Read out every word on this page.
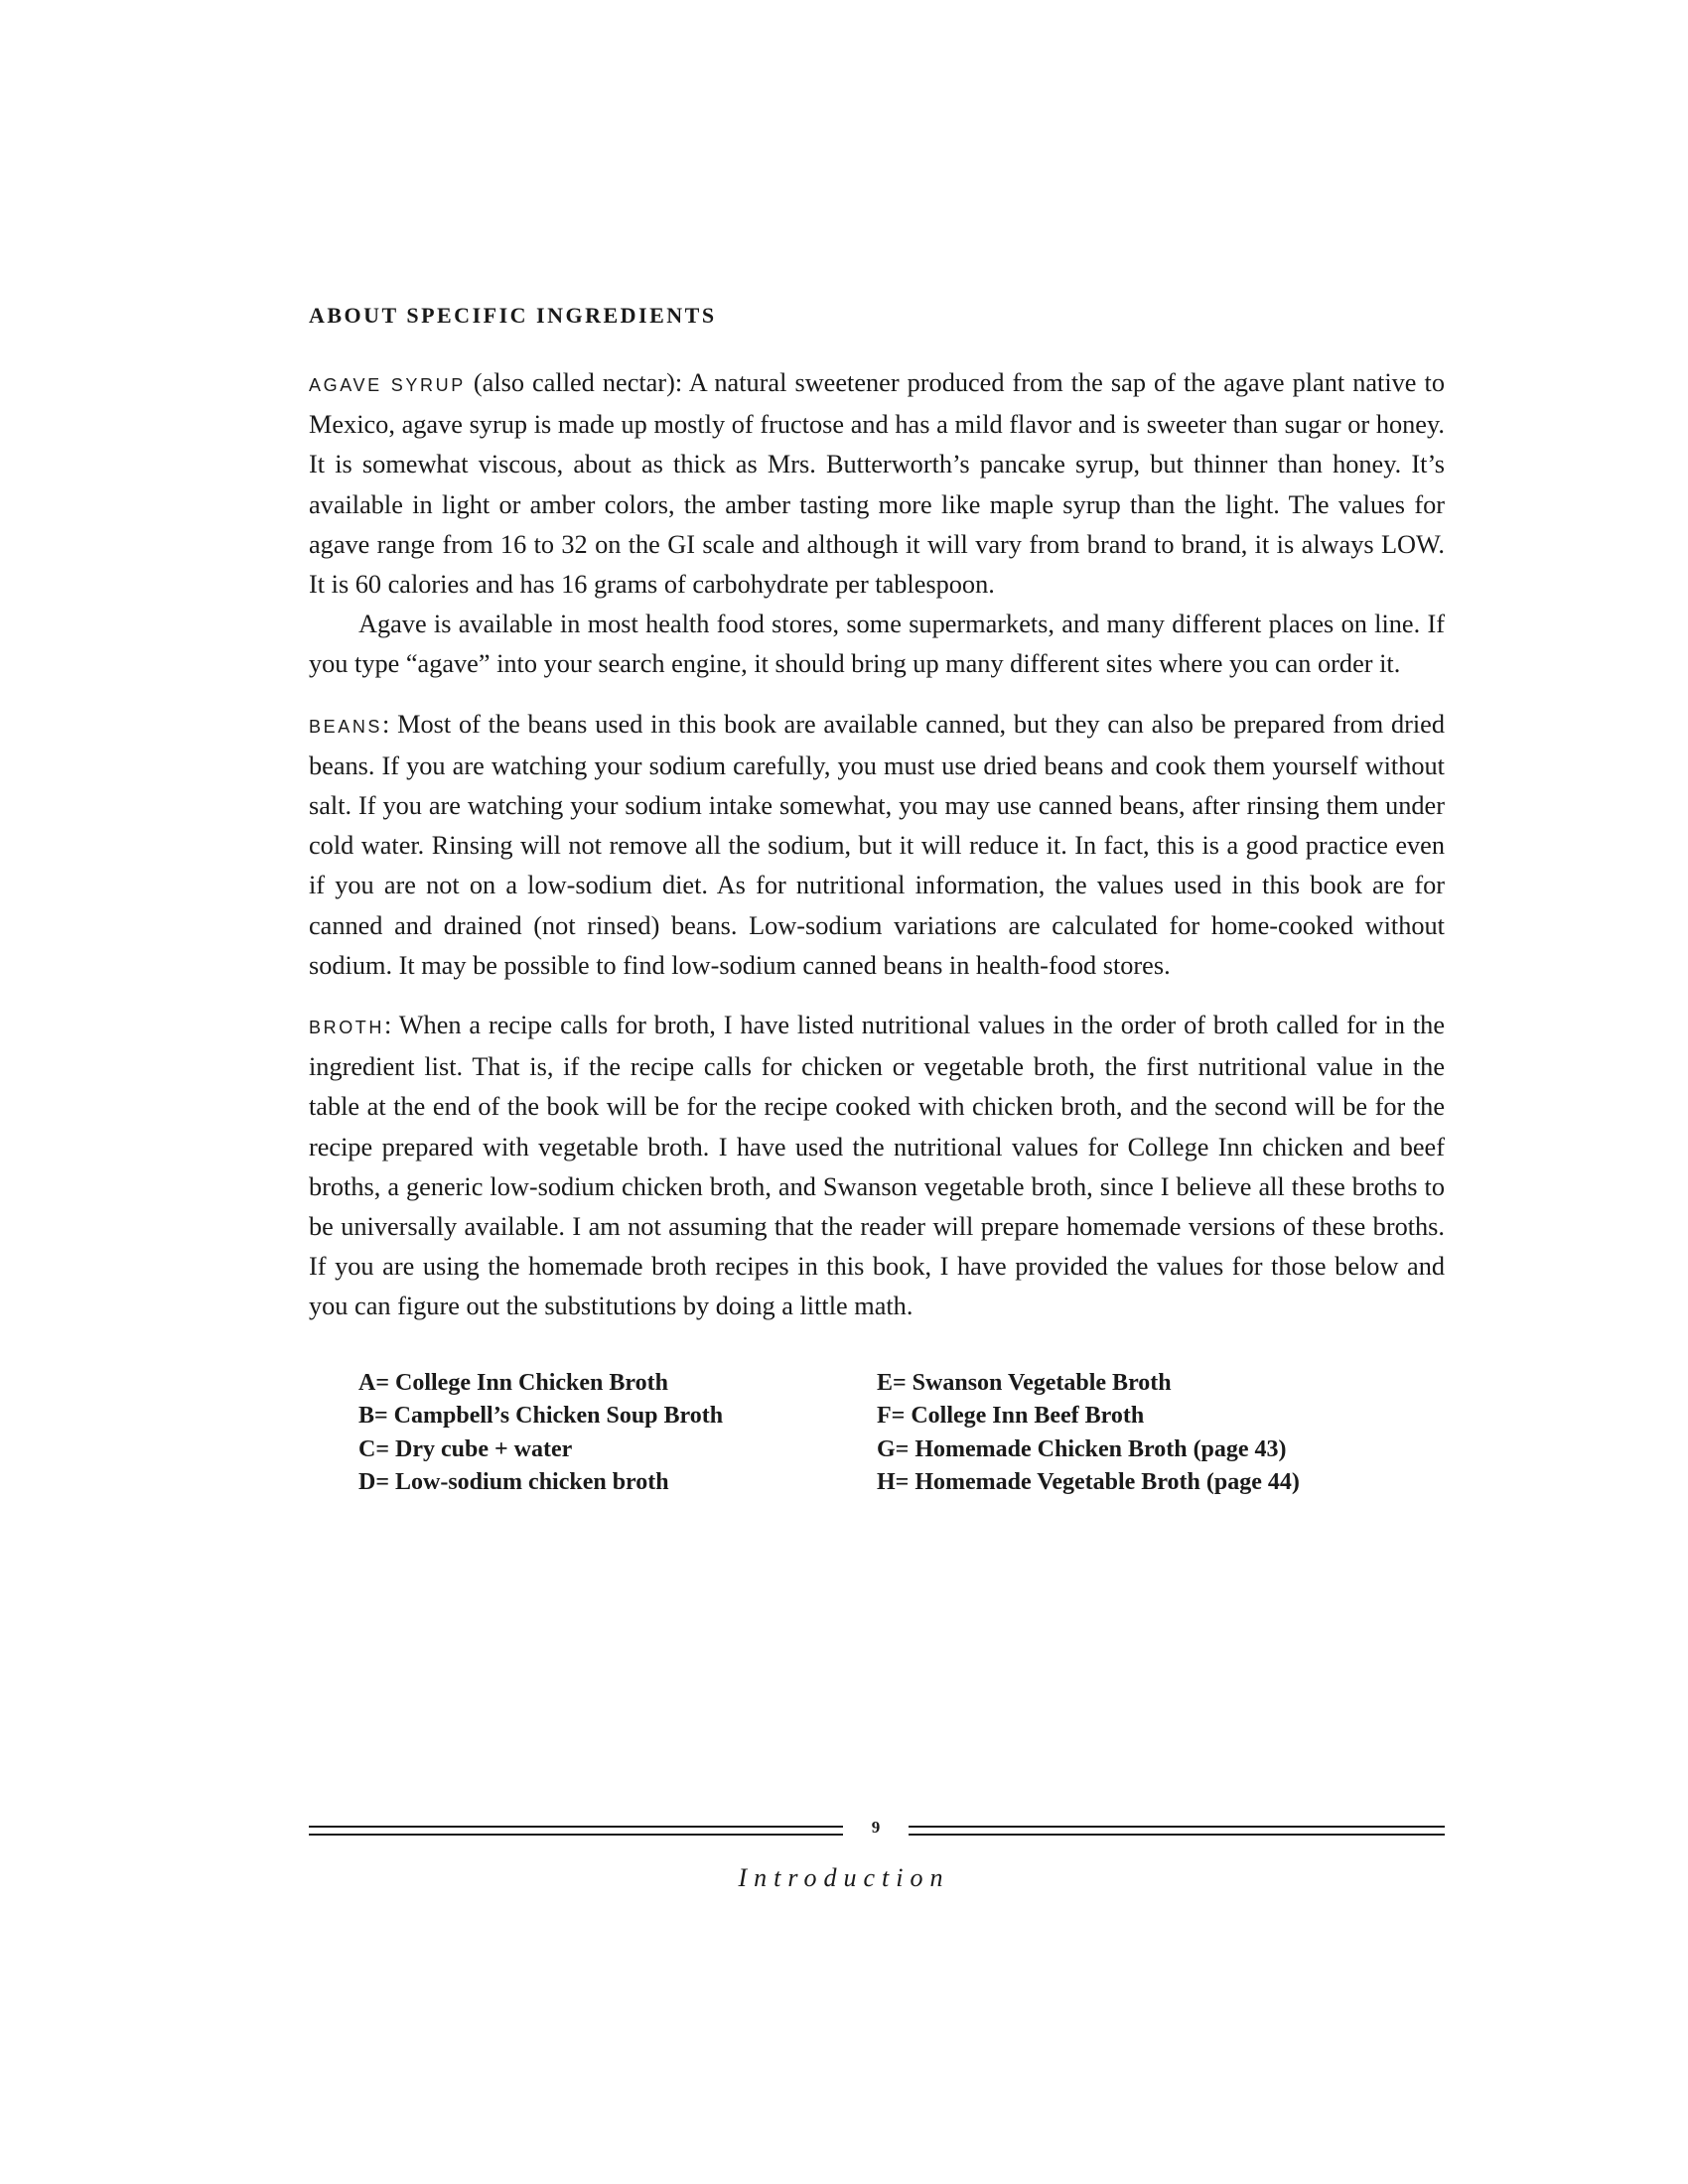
ABOUT SPECIFIC INGREDIENTS

AGAVE SYRUP (also called nectar): A natural sweetener produced from the sap of the agave plant native to Mexico, agave syrup is made up mostly of fructose and has a mild flavor and is sweeter than sugar or honey. It is somewhat viscous, about as thick as Mrs. Butterworth’s pancake syrup, but thinner than honey. It’s available in light or amber colors, the amber tasting more like maple syrup than the light. The values for agave range from 16 to 32 on the GI scale and although it will vary from brand to brand, it is always LOW. It is 60 calories and has 16 grams of carbohydrate per tablespoon.

Agave is available in most health food stores, some supermarkets, and many different places on line. If you type “agave” into your search engine, it should bring up many different sites where you can order it.

BEANS: Most of the beans used in this book are available canned, but they can also be prepared from dried beans. If you are watching your sodium carefully, you must use dried beans and cook them yourself without salt. If you are watching your sodium intake somewhat, you may use canned beans, after rinsing them under cold water. Rinsing will not remove all the sodium, but it will reduce it. In fact, this is a good practice even if you are not on a low-sodium diet. As for nutritional information, the values used in this book are for canned and drained (not rinsed) beans. Low-sodium variations are calculated for home-cooked without sodium. It may be possible to find low-sodium canned beans in health-food stores.

BROTH: When a recipe calls for broth, I have listed nutritional values in the order of broth called for in the ingredient list. That is, if the recipe calls for chicken or vegetable broth, the first nutritional value in the table at the end of the book will be for the recipe cooked with chicken broth, and the second will be for the recipe prepared with vegetable broth. I have used the nutritional values for College Inn chicken and beef broths, a generic low-sodium chicken broth, and Swanson vegetable broth, since I believe all these broths to be universally available. I am not assuming that the reader will prepare homemade versions of these broths. If you are using the homemade broth recipes in this book, I have provided the values for those below and you can figure out the substitutions by doing a little math.

A= College Inn Chicken Broth
B= Campbell’s Chicken Soup Broth
C= Dry cube + water
D= Low-sodium chicken broth
E= Swanson Vegetable Broth
F= College Inn Beef Broth
G= Homemade Chicken Broth (page 43)
H= Homemade Vegetable Broth (page 44)
9
Introduction
